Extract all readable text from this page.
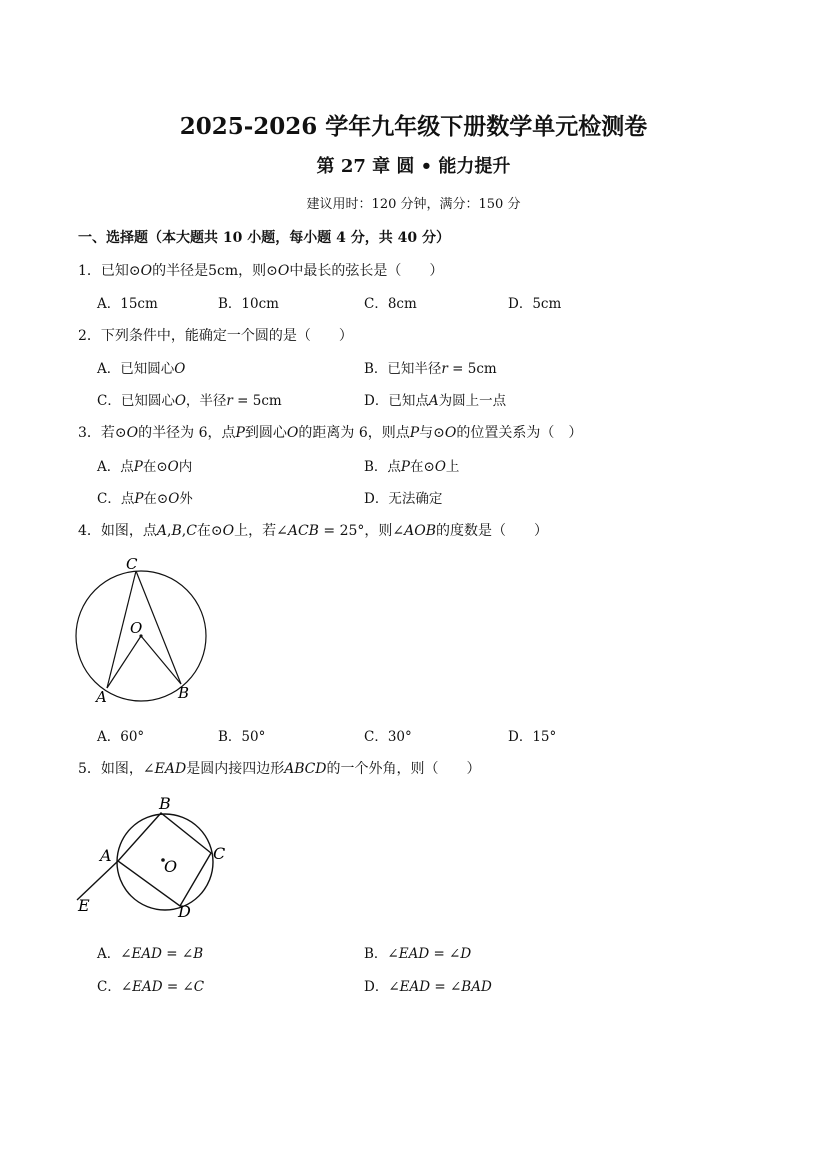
2025-2026 学年九年级下册数学单元检测卷
第 27 章 圆 • 能力提升
建议用时：120 分钟，满分：150 分
一、选择题（本大题共 10 小题，每小题 4 分，共 40 分）
1．已知⊙𝑂的半径是5cm，则⊙𝑂中最长的弦长是（　　）
A．15cm	B．10cm	C．8cm	D．5cm
2．下列条件中，能确定一个圆的是（　　）
A．已知圆心𝑂	B．已知半径𝑟 = 5cm
C．已知圆心𝑂，半径𝑟 = 5cm	D．已知点𝐴为圆上一点
3．若⊙𝑂的半径为 6，点𝑃到圆心𝑂的距离为 6，则点𝑃与⊙𝑂的位置关系为（　）
A．点𝑃在⊙𝑂内	B．点𝑃在⊙𝑂上
C．点𝑃在⊙𝑂外	D．无法确定
4．如图，点𝐴,𝐵,𝐶在⊙𝑂上，若∠𝐴𝐶𝐵 = 25°，则∠𝐴𝑂𝐵的度数是（　　）
C
O
A	B
A．60°	B．50°	C．30°	D．15°
5．如图，∠𝐸𝐴𝐷是圆内接四边形𝐴𝐵𝐶𝐷的一个外角，则（　　）
B
A	C
O
E	D
A．∠𝐸𝐴𝐷 = ∠𝐵	B．∠𝐸𝐴𝐷 = ∠𝐷
C．∠𝐸𝐴𝐷 = ∠𝐶	D．∠𝐸𝐴𝐷 = ∠𝐵𝐴𝐷
